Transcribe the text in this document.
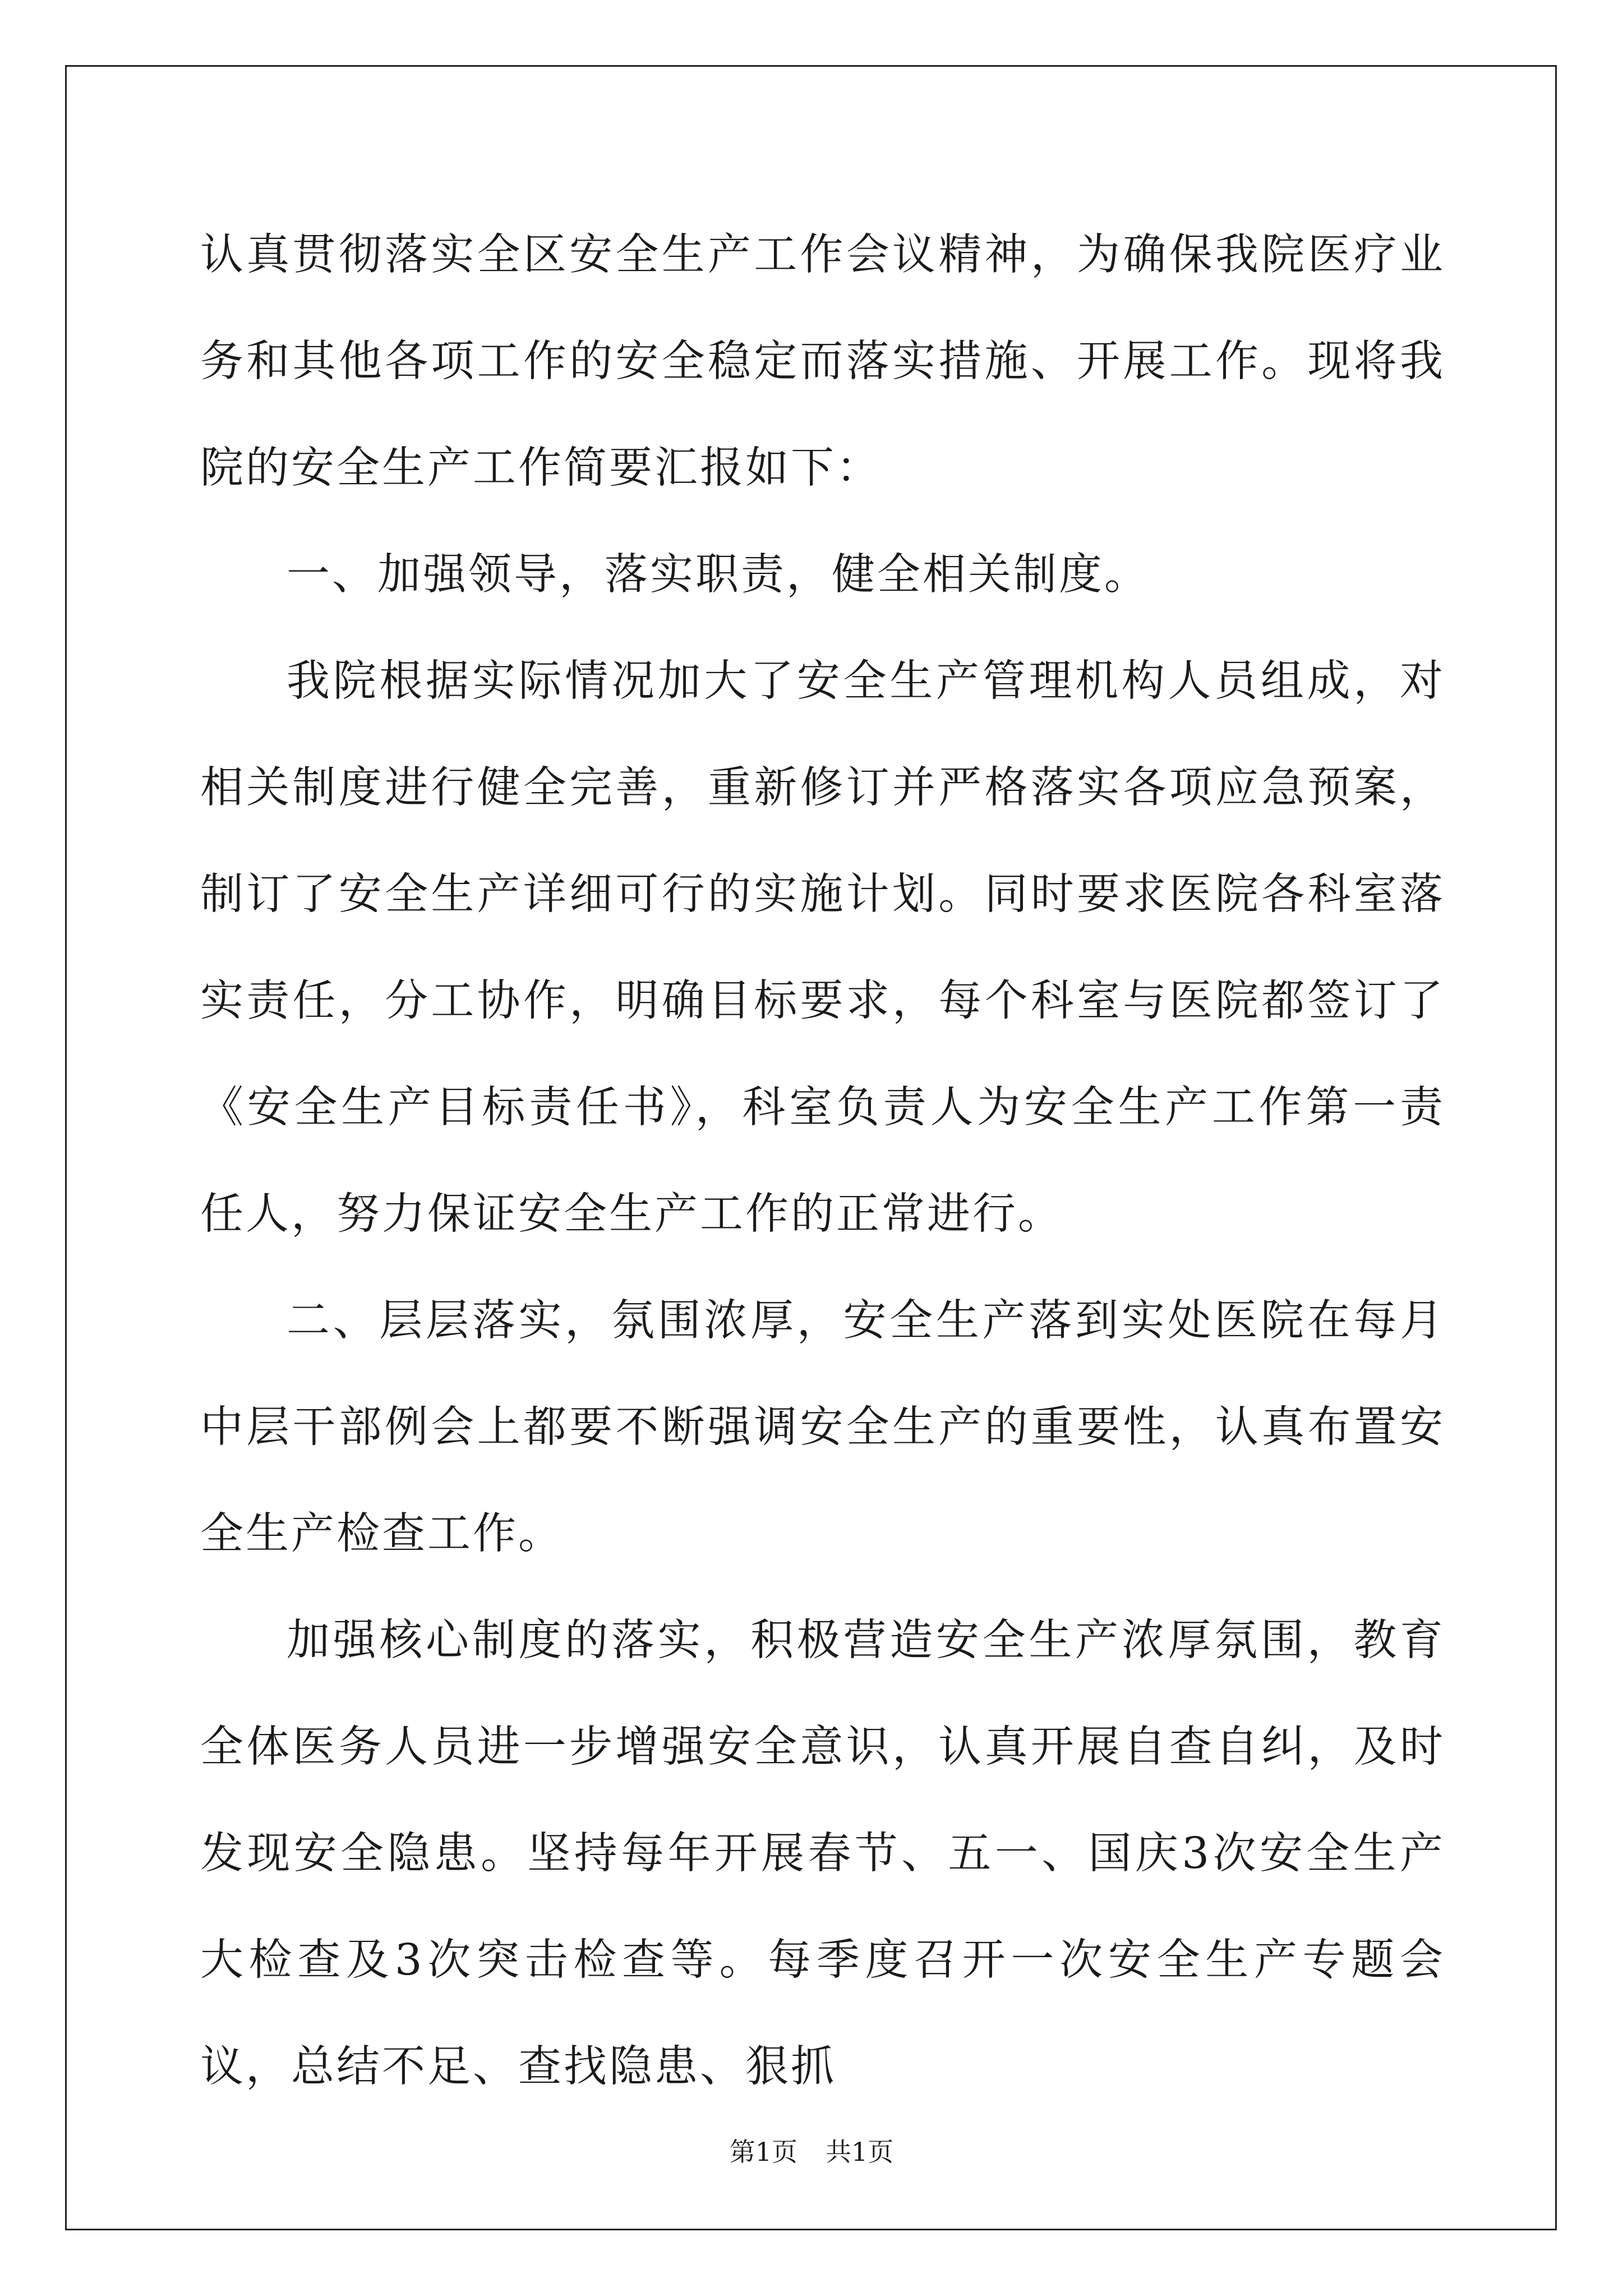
认真贯彻落实全区安全生产工作会议精神，为确保我院医疗业务和其他各项工作的安全稳定而落实措施、开展工作。现将我院的安全生产工作简要汇报如下：

一、加强领导，落实职责，健全相关制度。

我院根据实际情况加大了安全生产管理机构人员组成，对相关制度进行健全完善，重新修订并严格落实各项应急预案，制订了安全生产详细可行的实施计划。同时要求医院各科室落实责任，分工协作，明确目标要求，每个科室与医院都签订了《安全生产目标责任书》，科室负责人为安全生产工作第一责任人，努力保证安全生产工作的正常进行。

二、层层落实，氛围浓厚，安全生产落到实处医院在每月中层干部例会上都要不断强调安全生产的重要性，认真布置安全生产检查工作。

加强核心制度的落实，积极营造安全生产浓厚氛围，教育全体医务人员进一步增强安全意识，认真开展自查自纠，及时发现安全隐患。坚持每年开展春节、五一、国庆3次安全生产大检查及3次突击检查等。每季度召开一次安全生产专题会议，总结不足、查找隐患、狠抓

第1页 共1页
